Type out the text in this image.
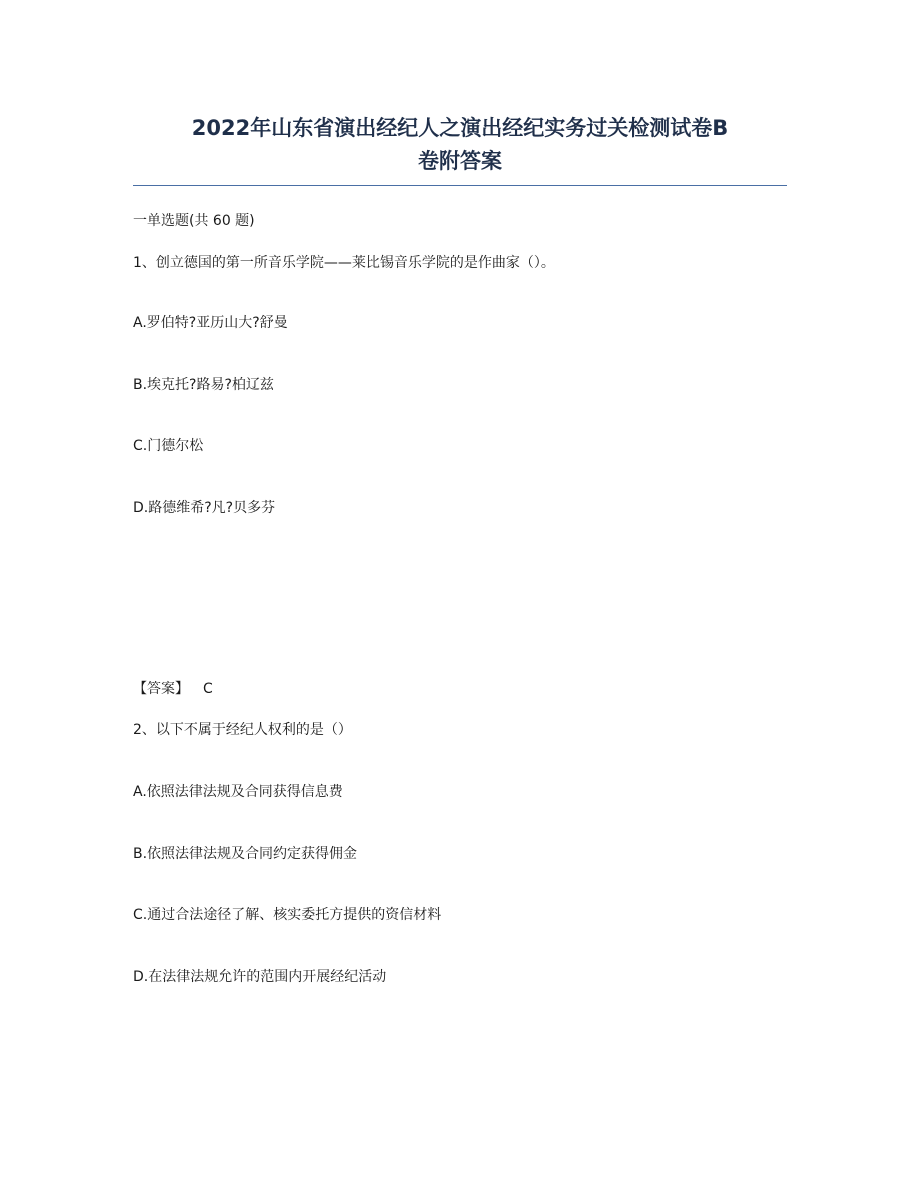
2022年山东省演出经纪人之演出经纪实务过关检测试卷B
卷附答案
一单选题(共 60 题)
1、创立德国的第一所音乐学院——莱比锡音乐学院的是作曲家（）。
A.罗伯特?亚历山大?舒曼
B.埃克托?路易?柏辽兹
C.门德尔松
D.路德维希?凡?贝多芬
【答案】 C
2、以下不属于经纪人权利的是（）
A.依照法律法规及合同获得信息费
B.依照法律法规及合同约定获得佣金
C.通过合法途径了解、核实委托方提供的资信材料
D.在法律法规允许的范围内开展经纪活动
